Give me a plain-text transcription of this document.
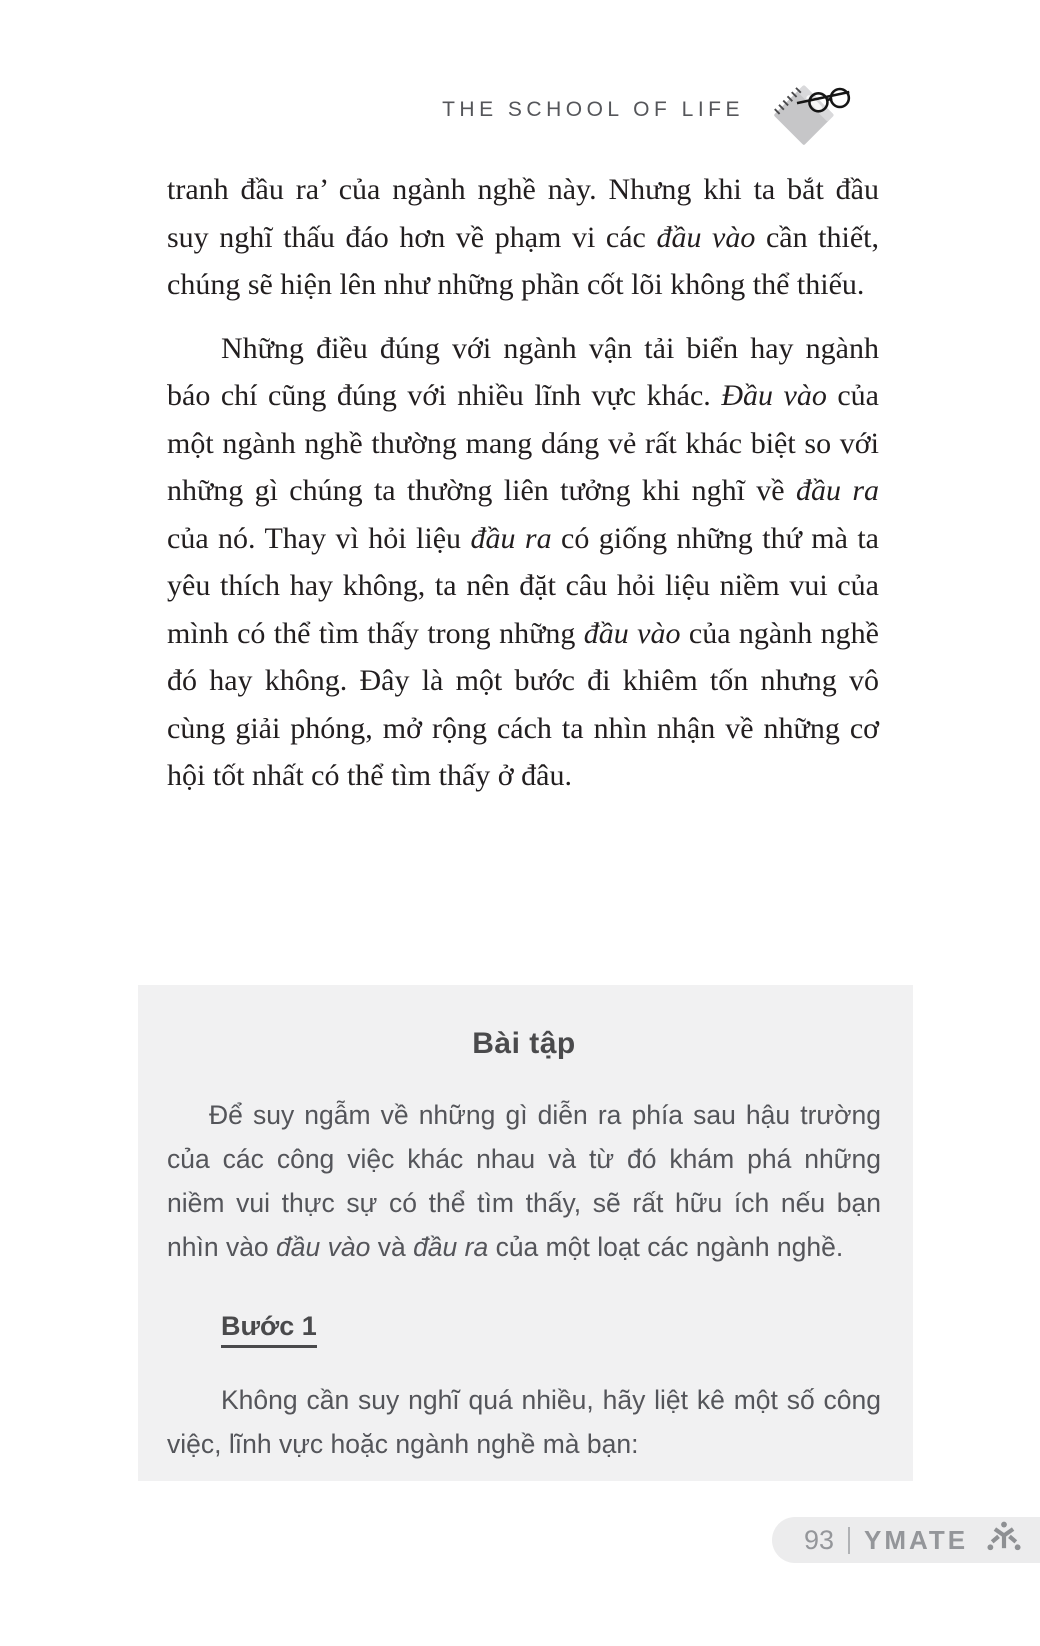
THE SCHOOL OF LIFE

tranh đầu ra’ của ngành nghề này. Nhưng khi ta bắt đầu suy nghĩ thấu đáo hơn về phạm vi các đầu vào cần thiết, chúng sẽ hiện lên như những phần cốt lõi không thể thiếu.

Những điều đúng với ngành vận tải biển hay ngành báo chí cũng đúng với nhiều lĩnh vực khác. Đầu vào của một ngành nghề thường mang dáng vẻ rất khác biệt so với những gì chúng ta thường liên tưởng khi nghĩ về đầu ra của nó. Thay vì hỏi liệu đầu ra có giống những thứ mà ta yêu thích hay không, ta nên đặt câu hỏi liệu niềm vui của mình có thể tìm thấy trong những đầu vào của ngành nghề đó hay không. Đây là một bước đi khiêm tốn nhưng vô cùng giải phóng, mở rộng cách ta nhìn nhận về những cơ hội tốt nhất có thể tìm thấy ở đâu.

Bài tập

Để suy ngẫm về những gì diễn ra phía sau hậu trường của các công việc khác nhau và từ đó khám phá những niềm vui thực sự có thể tìm thấy, sẽ rất hữu ích nếu bạn nhìn vào đầu vào và đầu ra của một loạt các ngành nghề.

Bước 1

Không cần suy nghĩ quá nhiều, hãy liệt kê một số công việc, lĩnh vực hoặc ngành nghề mà bạn:

93 YMATE
